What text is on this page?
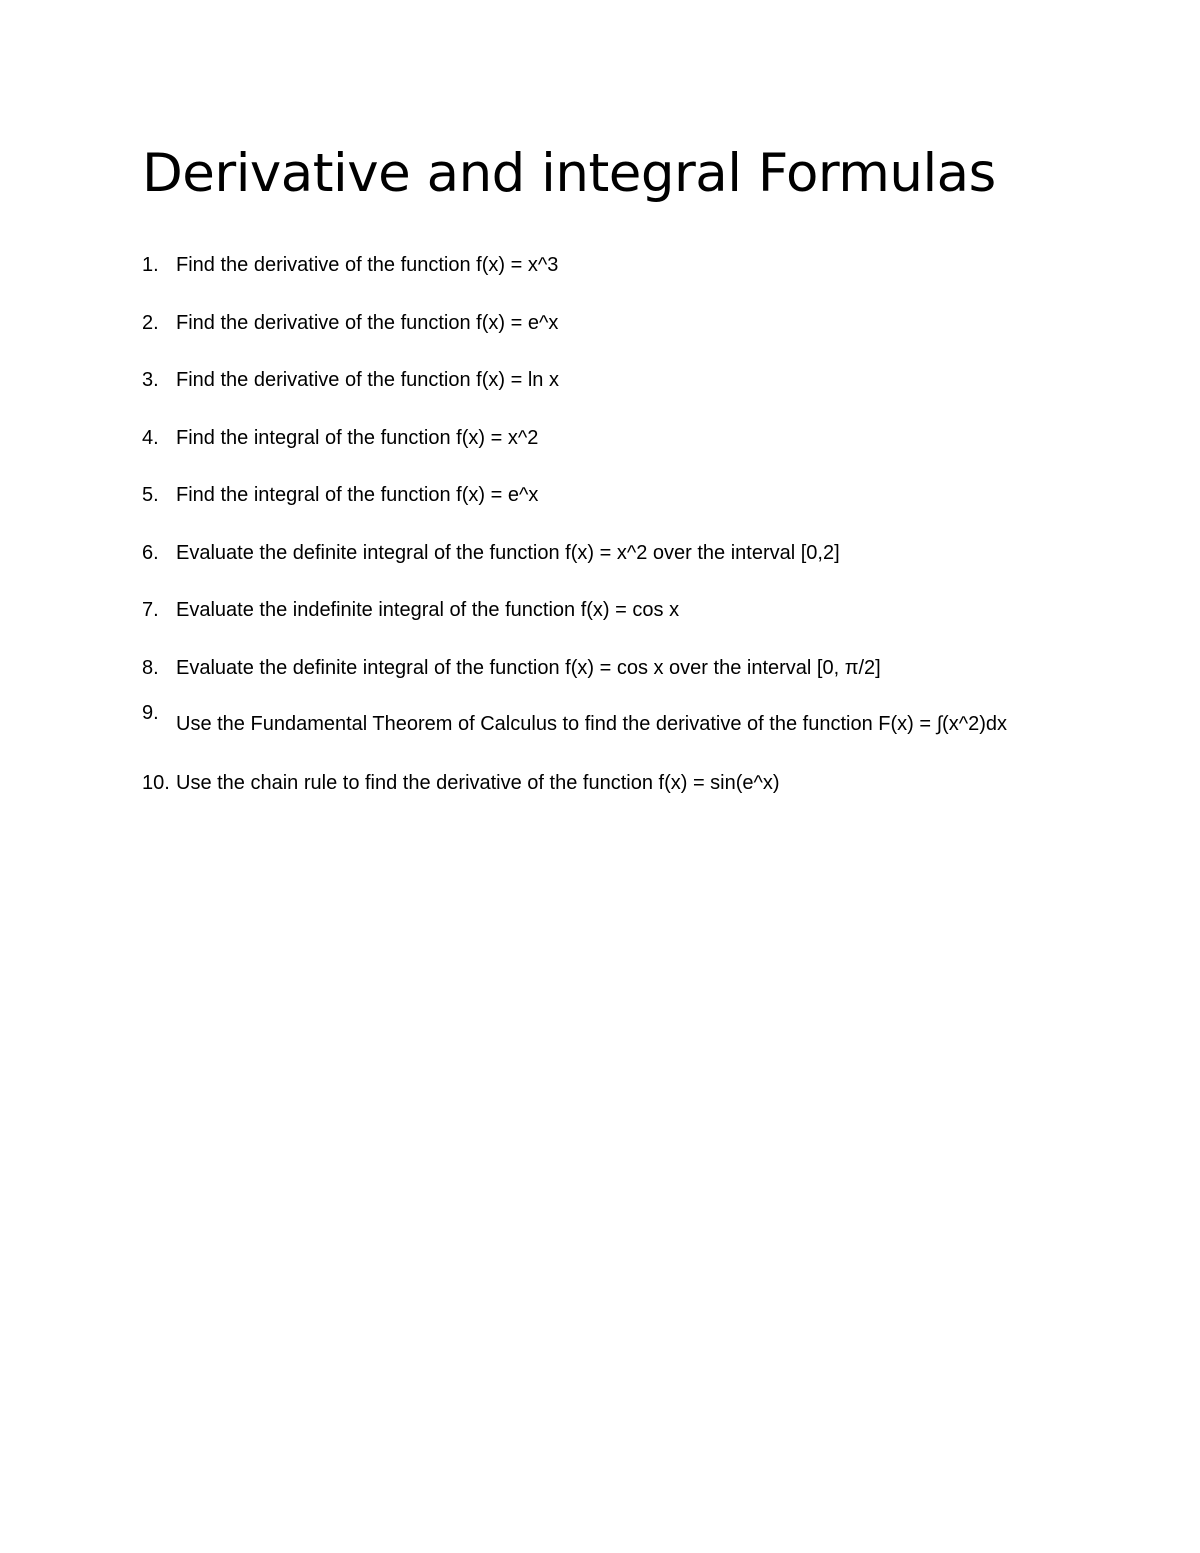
Derivative and integral Formulas
1. Find the derivative of the function f(x) = x^3
2. Find the derivative of the function f(x) = e^x
3. Find the derivative of the function f(x) = ln x
4. Find the integral of the function f(x) = x^2
5. Find the integral of the function f(x) = e^x
6. Evaluate the definite integral of the function f(x) = x^2 over the interval [0,2]
7. Evaluate the indefinite integral of the function f(x) = cos x
8. Evaluate the definite integral of the function f(x) = cos x over the interval [0, π/2]
9. Use the Fundamental Theorem of Calculus to find the derivative of the function F(x) = ∫(x^2)dx
10. Use the chain rule to find the derivative of the function f(x) = sin(e^x)
